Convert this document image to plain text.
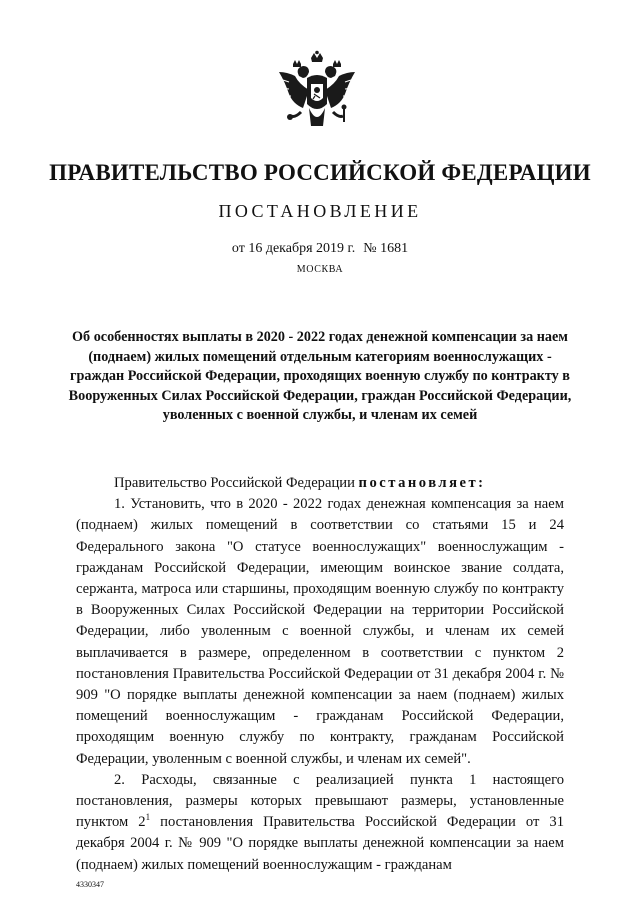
ПРАВИТЕЛЬСТВО РОССИЙСКОЙ ФЕДЕРАЦИИ
ПОСТАНОВЛЕНИЕ
от 16 декабря 2019 г. № 1681
МОСКВА
Об особенностях выплаты в 2020 - 2022 годах денежной компенсации за наем (поднаем) жилых помещений отдельным категориям военнослужащих - граждан Российской Федерации, проходящих военную службу по контракту в Вооруженных Силах Российской Федерации, граждан Российской Федерации, уволенных с военной службы, и членам их семей

Правительство Российской Федерации постановляет:

1. Установить, что в 2020 - 2022 годах денежная компенсация за наем (поднаем) жилых помещений в соответствии со статьями 15 и 24 Федерального закона "О статусе военнослужащих" военнослужащим - гражданам Российской Федерации, имеющим воинское звание солдата, сержанта, матроса или старшины, проходящим военную службу по контракту в Вооруженных Силах Российской Федерации на территории Российской Федерации, либо уволенным с военной службы, и членам их семей выплачивается в размере, определенном в соответствии с пунктом 2 постановления Правительства Российской Федерации от 31 декабря 2004 г. № 909 "О порядке выплаты денежной компенсации за наем (поднаем) жилых помещений военнослужащим - гражданам Российской Федерации, проходящим военную службу по контракту, гражданам Российской Федерации, уволенным с военной службы, и членам их семей".

2. Расходы, связанные с реализацией пункта 1 настоящего постановления, размеры которых превышают размеры, установленные пунктом $2^1$ постановления Правительства Российской Федерации от 31 декабря 2004 г. № 909 "О порядке выплаты денежной компенсации за наем (поднаем) жилых помещений военнослужащим - гражданам

4330347
